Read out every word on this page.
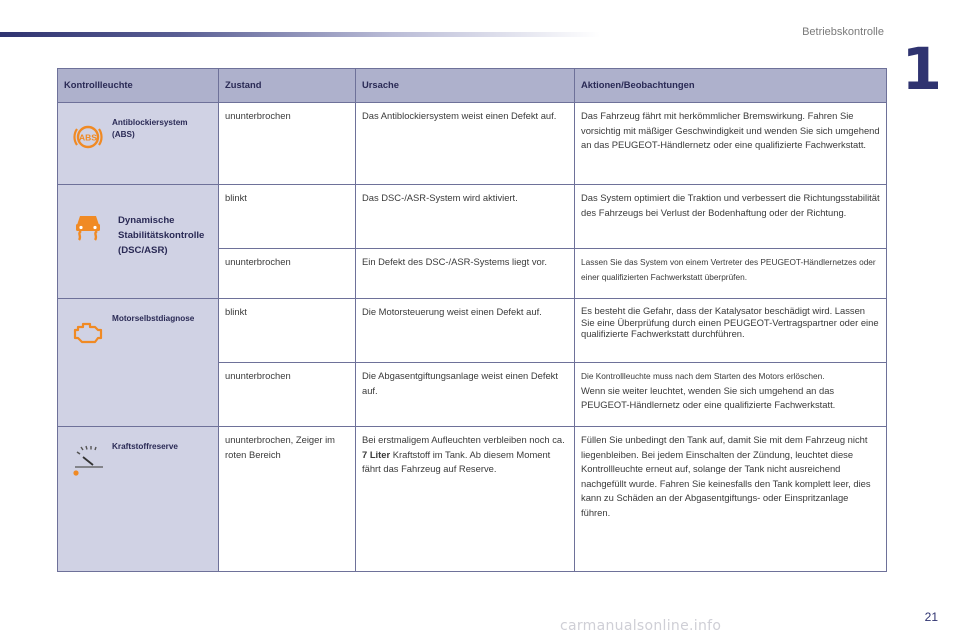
Betriebskontrolle
1
Kontrollleuchte	Zustand	Ursache	Aktionen/Beobachtungen

ABS
Antiblockiersystem (ABS)	ununterbrochen	Das Antiblockiersystem weist einen Defekt auf.	Das Fahrzeug fährt mit herkömmlicher Bremswirkung. Fahren Sie vorsichtig mit mäßiger Geschwindigkeit und wenden Sie sich umgehend an das PEUGEOT-Händlernetz oder eine qualifizierte Fachwerkstatt.

Dynamische Stabilitätskontrolle (DSC/ASR)	blinkt	Das DSC-/ASR-System wird aktiviert.	Das System optimiert die Traktion und verbessert die Richtungsstabilität des Fahrzeugs bei Verlust der Bodenhaftung oder der Richtung.
	ununterbrochen	Ein Defekt des DSC-/ASR-Systems liegt vor.	Lassen Sie das System von einem Vertreter des PEUGEOT-Händlernetzes oder einer qualifizierten Fachwerkstatt überprüfen.

Motorselbstdiagnose	blinkt	Die Motorsteuerung weist einen Defekt auf.	Es besteht die Gefahr, dass der Katalysator beschädigt wird. Lassen Sie eine Überprüfung durch einen PEUGEOT-Vertragspartner oder eine qualifizierte Fachwerkstatt durchführen.
	ununterbrochen	Die Abgasentgiftungsanlage weist einen Defekt auf.	Die Kontrollleuchte muss nach dem Starten des Motors erlöschen.
Wenn sie weiter leuchtet, wenden Sie sich umgehend an das PEUGEOT-Händlernetz oder eine qualifizierte Fachwerkstatt.

Kraftstoffreserve	ununterbrochen, Zeiger im roten Bereich	Bei erstmaligem Aufleuchten verbleiben noch ca. 7 Liter Kraftstoff im Tank. Ab diesem Moment fährt das Fahrzeug auf Reserve.	Füllen Sie unbedingt den Tank auf, damit Sie mit dem Fahrzeug nicht liegenbleiben. Bei jedem Einschalten der Zündung, leuchtet diese Kontrollleuchte erneut auf, solange der Tank nicht ausreichend nachgefüllt wurde. Fahren Sie keinesfalls den Tank komplett leer, dies kann zu Schäden an der Abgasentgiftungs- oder Einspritzanlage führen.
21
carmanualsonline.info
